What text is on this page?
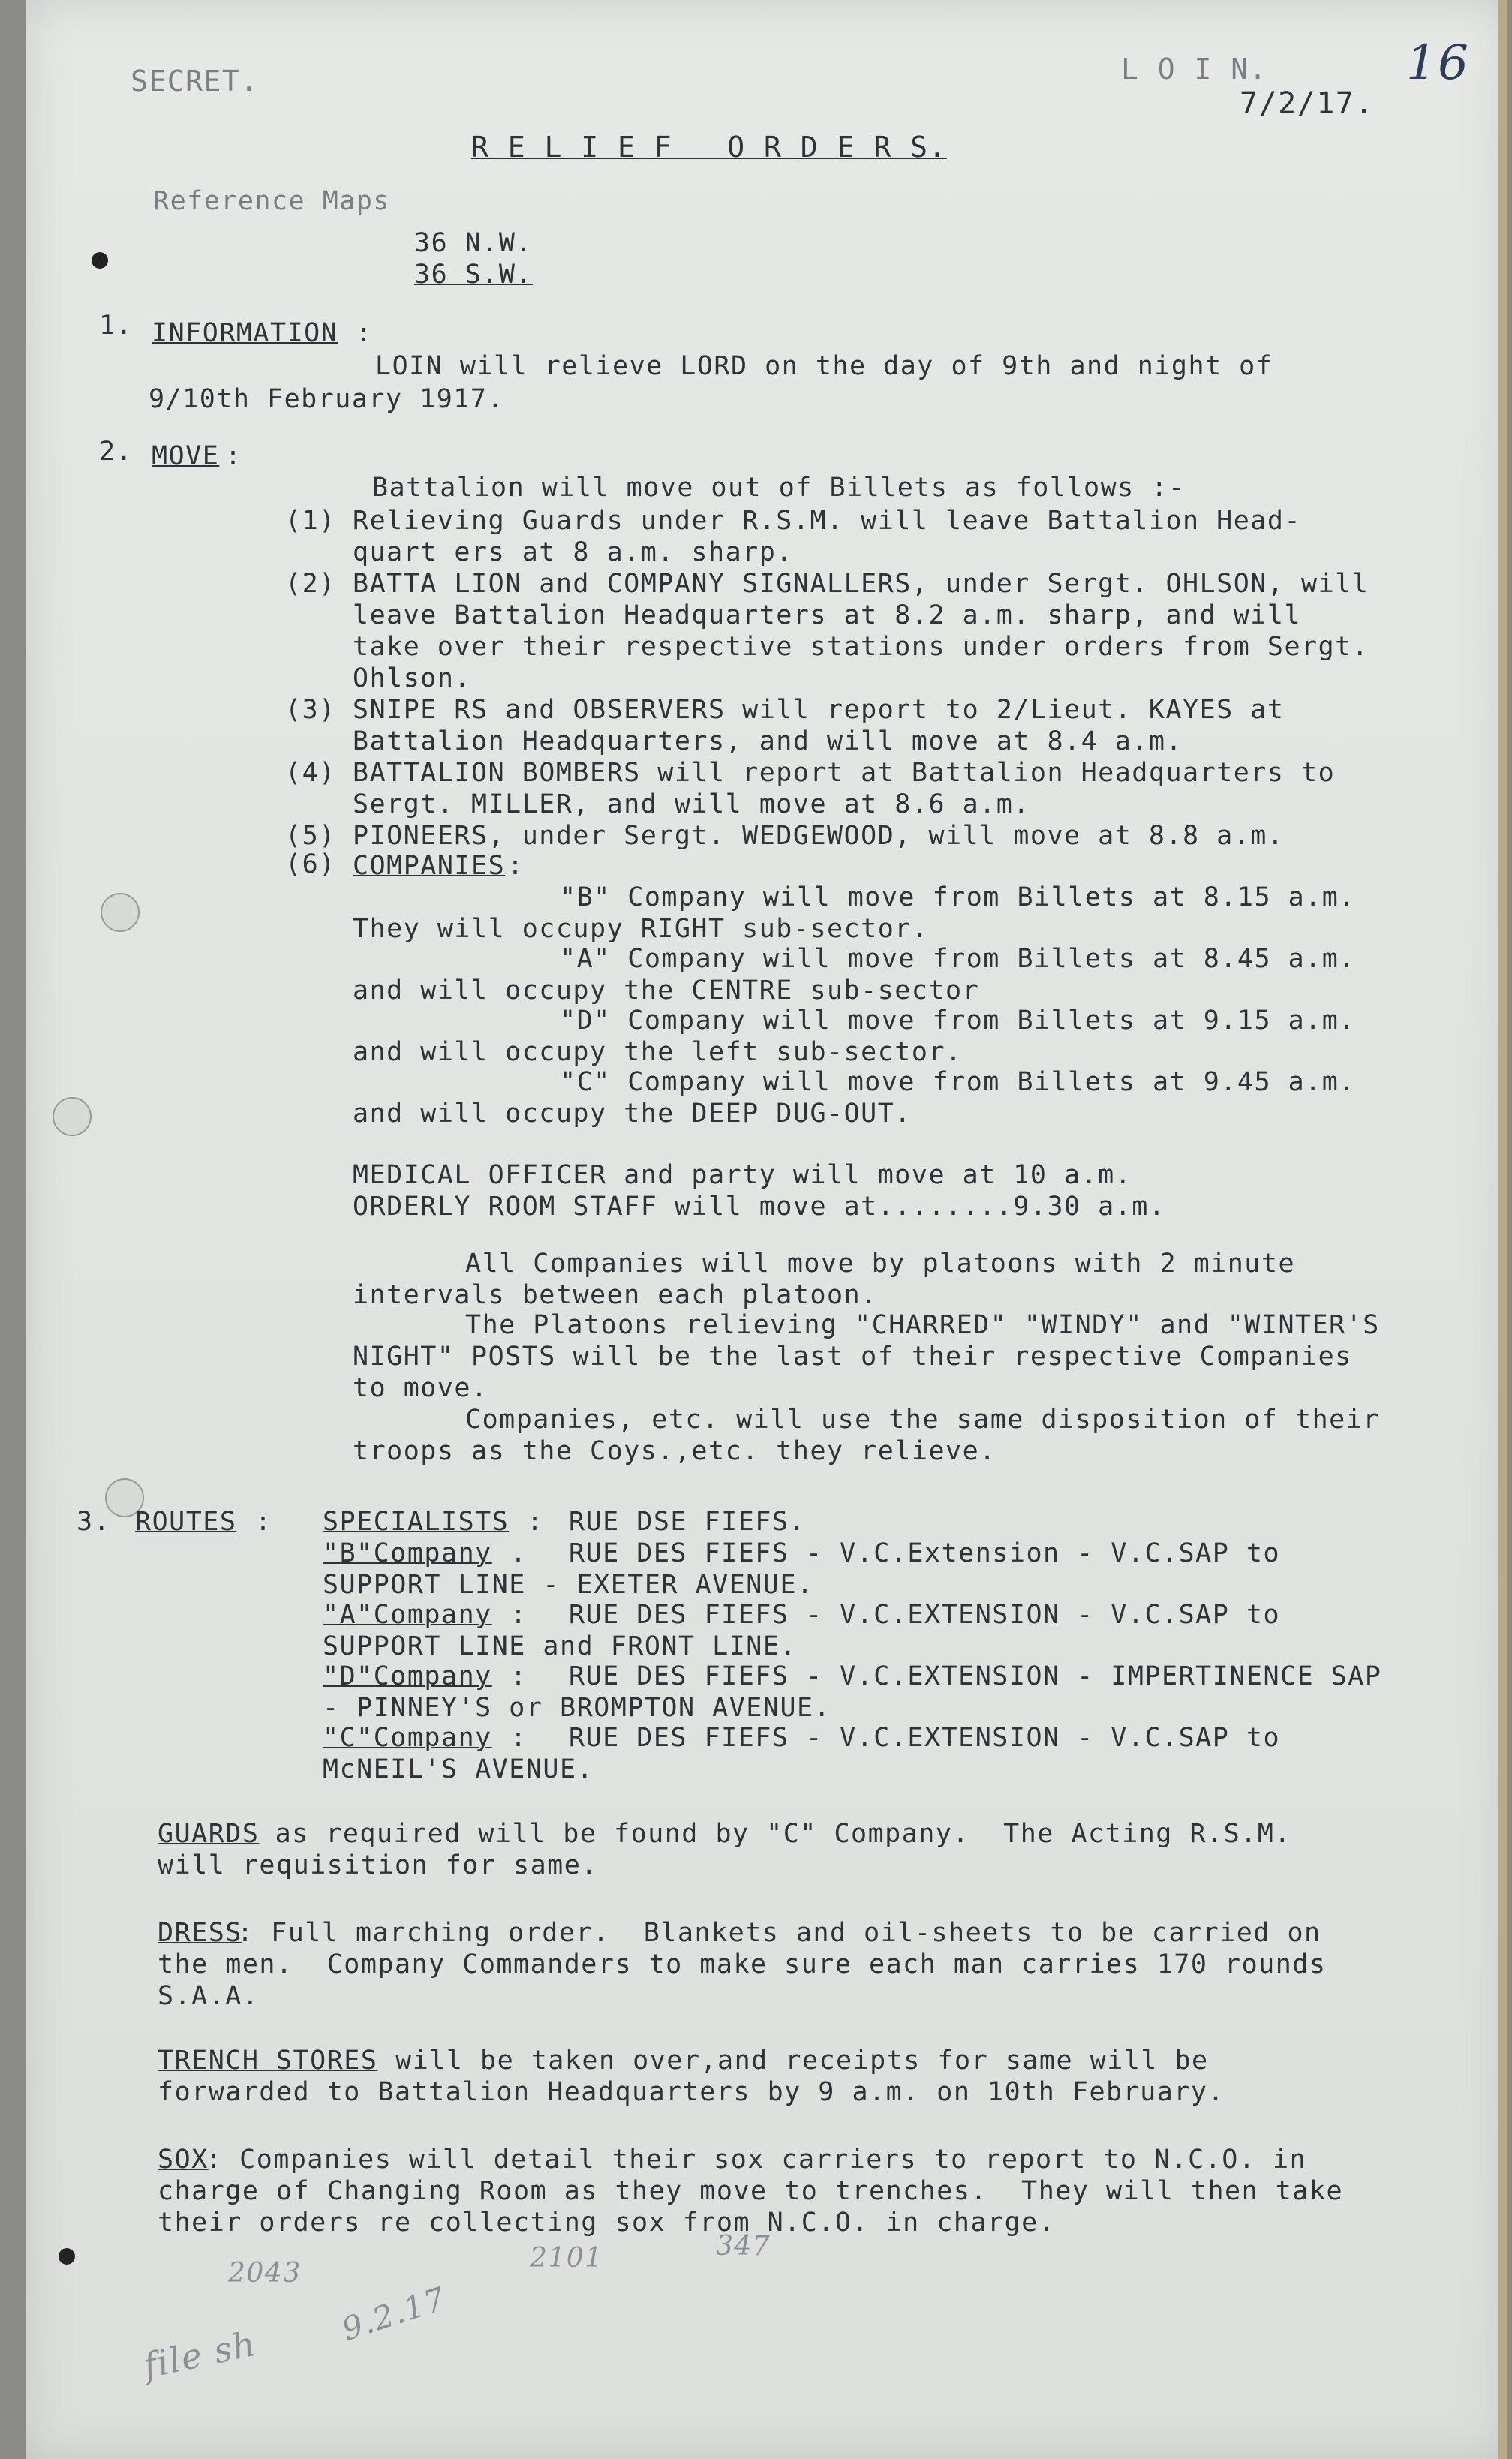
SECRET.	L O I N.
7/2/17.
16
R E L I E F   O R D E R S.
Reference Maps
36 N.W.
36 S.W.
1. INFORMATION :
LOIN will relieve LORD on the day of 9th and night of
9/10th February 1917.
2. MOVE :
Battalion will move out of Billets as follows :-
(1) Relieving Guards under R.S.M. will leave Battalion Head-
quart ers at 8 a.m. sharp.
(2) BATTA LION and COMPANY SIGNALLERS, under Sergt. OHLSON, will
leave Battalion Headquarters at 8.2 a.m. sharp, and will
take over their respective stations under orders from Sergt.
Ohlson.
(3) SNIPE RS and OBSERVERS will report to 2/Lieut. KAYES at
Battalion Headquarters, and will move at 8.4 a.m.
(4) BATTALION BOMBERS will report at Battalion Headquarters to
Sergt. MILLER, and will move at 8.6 a.m.
(5) PIONEERS, under Sergt. WEDGEWOOD, will move at 8.8 a.m.
(6) COMPANIES :
"B" Company will move from Billets at 8.15 a.m.
They will occupy RIGHT sub-sector.
"A" Company will move from Billets at 8.45 a.m.
and will occupy the CENTRE sub-sector
"D" Company will move from Billets at 9.15 a.m.
and will occupy the left sub-sector.
"C" Company will move from Billets at 9.45 a.m.
and will occupy the DEEP DUG-OUT.
MEDICAL OFFICER and party will move at 10 a.m.
ORDERLY ROOM STAFF will move at........9.30 a.m.
All Companies will move by platoons with 2 minute
intervals between each platoon.
The Platoons relieving "CHARRED" "WINDY" and "WINTER'S
NIGHT" POSTS will be the last of their respective Companies
to move.
Companies, etc. will use the same disposition of their
troops as the Coys.,etc. they relieve.
3. ROUTES : SPECIALISTS : RUE DSE FIEFS.
"B"Company . RUE DES FIEFS - V.C.Extension - V.C.SAP to
SUPPORT LINE - EXETER AVENUE.
"A"Company : RUE DES FIEFS - V.C.EXTENSION - V.C.SAP to
SUPPORT LINE and FRONT LINE.
"D"Company : RUE DES FIEFS - V.C.EXTENSION - IMPERTINENCE SAP
- PINNEY'S or BROMPTON AVENUE.
"C"Company : RUE DES FIEFS - V.C.EXTENSION - V.C.SAP to
McNEIL'S AVENUE.
GUARDS
as required will be found by "C" Company.  The Acting R.S.M.
will requisition for same.
DRESS
: Full marching order.  Blankets and oil-sheets to be carried on
the men.  Company Commanders to make sure each man carries 170 rounds
S.A.A.
TRENCH STORES
will be taken over,and receipts for same will be
forwarded to Battalion Headquarters by 9 a.m. on 10th February.
SOX
: Companies will detail their sox carriers to report to N.C.O. in
charge of Changing Room as they move to trenches.  They will then take
their orders re collecting sox from N.C.O. in charge.
2043	2101	347
file sh
9.2.17
